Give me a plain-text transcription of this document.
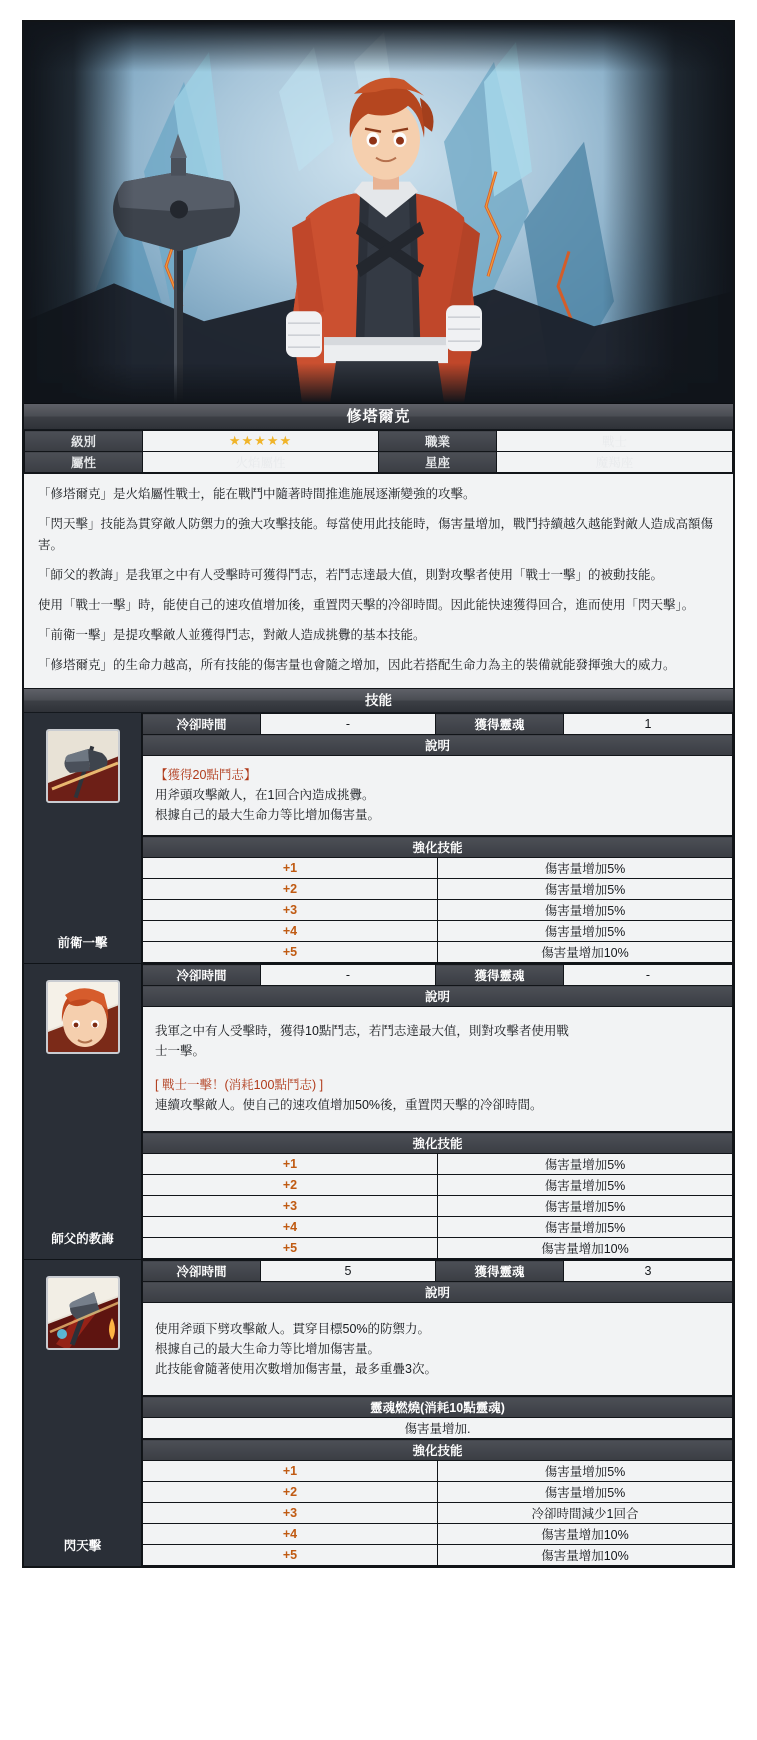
修塔爾克
級別	★★★★★	職業	戰士
屬性	火焰屬性	星座	魔羯座

「修塔爾克」是火焰屬性戰士，能在戰鬥中隨著時間推進施展逐漸變強的攻擊。

「閃天擊」技能為貫穿敵人防禦力的強大攻擊技能。每當使用此技能時，傷害量增加，戰鬥持續越久越能對敵人造成高額傷害。

「師父的教誨」是我軍之中有人受擊時可獲得鬥志，若鬥志達最大值，則對攻擊者使用「戰士一擊」的被動技能。

使用「戰士一擊」時，能使自己的速攻值增加後，重置閃天擊的冷卻時間。因此能快速獲得回合，進而使用「閃天擊」。

「前衛一擊」是提攻擊敵人並獲得鬥志，對敵人造成挑釁的基本技能。

「修塔爾克」的生命力越高，所有技能的傷害量也會隨之增加，因此若搭配生命力為主的裝備就能發揮強大的威力。

技能
前衛一擊
冷卻時間	-	獲得靈魂	1
說明

【獲得20點鬥志】

用斧頭攻擊敵人，在1回合內造成挑釁。

根據自己的最大生命力等比增加傷害量。

強化技能	
+1	傷害量增加5%
+2	傷害量增加5%
+3	傷害量增加5%
+4	傷害量增加5%
+5	傷害量增加10%
師父的教誨
冷卻時間	-	獲得靈魂	-
說明

我軍之中有人受擊時，獲得10點鬥志，若鬥志達最大值，則對攻擊者使用戰

士一擊。

[ 戰士一擊！(消耗100點鬥志) ]

連續攻擊敵人。使自己的速攻值增加50%後，重置閃天擊的冷卻時間。

強化技能	
+1	傷害量增加5%
+2	傷害量增加5%
+3	傷害量增加5%
+4	傷害量增加5%
+5	傷害量增加10%
閃天擊
冷卻時間	5	獲得靈魂	3
說明

使用斧頭下劈攻擊敵人。貫穿目標50%的防禦力。

根據自己的最大生命力等比增加傷害量。

此技能會隨著使用次數增加傷害量，最多重疊3次。

靈魂燃燒(消耗10點靈魂)
傷害量增加.
強化技能	
+1	傷害量增加5%
+2	傷害量增加5%
+3	冷卻時間減少1回合
+4	傷害量增加10%
+5	傷害量增加10%
